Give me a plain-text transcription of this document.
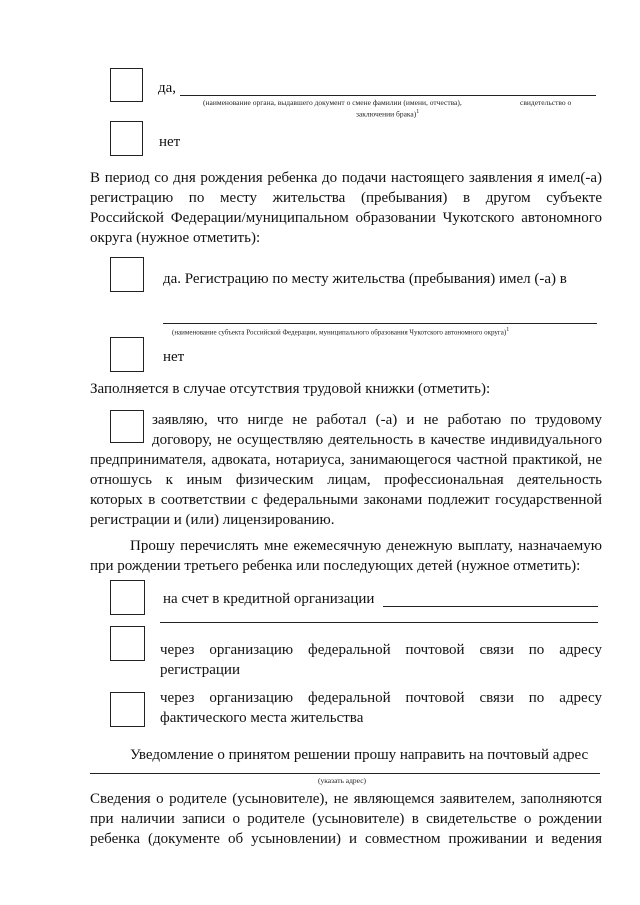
да,
(наименование органа, выдавшего документ о смене фамилии (имени, отчества),	свидетельство о
заключении брака)$^1$
нет
В период со дня рождения ребенка до подачи настоящего заявления я имел(-а)
регистрацию по месту жительства (пребывания) в другом субъекте
Российской Федерации/муниципальном образовании Чукотского автономного
округа (нужное отметить):
да. Регистрацию по месту жительства (пребывания) имел (-а) в
(наименование субъекта Российской Федерации, муниципального образования Чукотского автономного округа)$^1$
нет
Заполняется в случае отсутствия трудовой книжки (отметить):
заявляю, что нигде не работал (-а) и не работаю по трудовому
договору, не осуществляю деятельность в качестве индивидуального
предпринимателя, адвоката, нотариуса, занимающегося частной практикой, не
отношусь к иным физическим лицам, профессиональная деятельность
которых в соответствии с федеральными законами подлежит государственной
регистрации и (или) лицензированию.
Прошу перечислять мне ежемесячную денежную выплату, назначаемую
при рождении третьего ребенка или последующих детей (нужное отметить):
на счет в кредитной организации
через организацию федеральной почтовой связи по адресу
регистрации
через организацию федеральной почтовой связи по адресу
фактического места жительства
Уведомление о принятом решении прошу направить на почтовый адрес
(указать адрес)
Сведения о родителе (усыновителе), не являющемся заявителем, заполняются
при наличии записи о родителе (усыновителе) в свидетельстве о рождении
ребенка (документе об усыновлении) и совместном проживании и ведения
